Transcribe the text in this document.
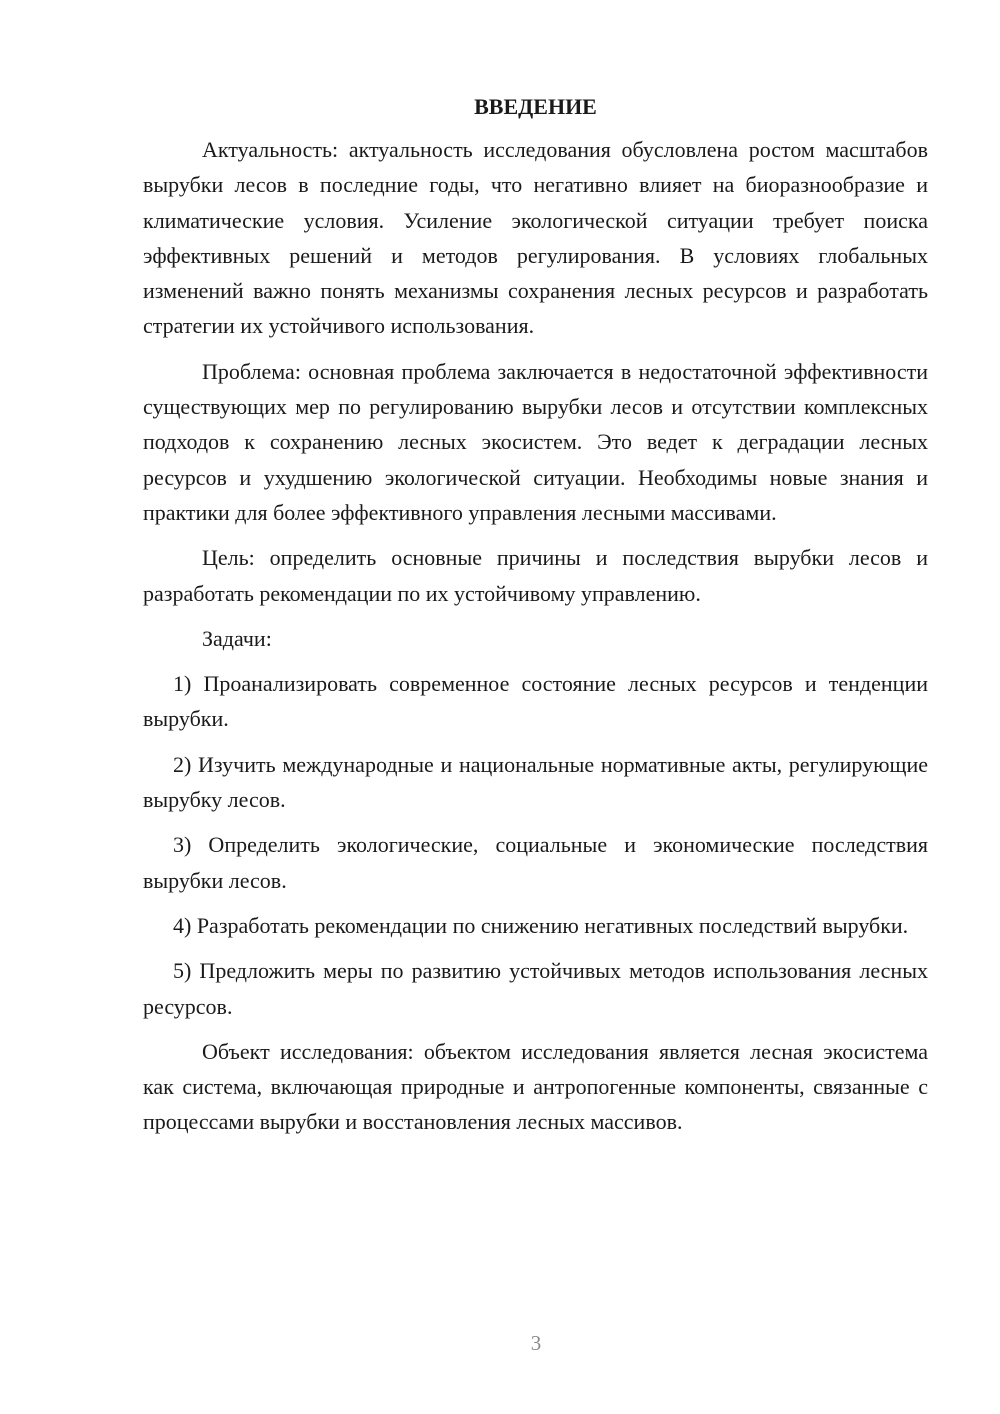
ВВЕДЕНИЕ

Актуальность: актуальность исследования обусловлена ростом масштабов вырубки лесов в последние годы, что негативно влияет на биоразнообразие и климатические условия. Усиление экологической ситуации требует поиска эффективных решений и методов регулирования. В условиях глобальных изменений важно понять механизмы сохранения лесных ресурсов и разработать стратегии их устойчивого использования.

Проблема: основная проблема заключается в недостаточной эффективности существующих мер по регулированию вырубки лесов и отсутствии комплексных подходов к сохранению лесных экосистем. Это ведет к деградации лесных ресурсов и ухудшению экологической ситуации. Необходимы новые знания и практики для более эффективного управления лесными массивами.

Цель: определить основные причины и последствия вырубки лесов и разработать рекомендации по их устойчивому управлению.

Задачи:

1) Проанализировать современное состояние лесных ресурсов и тенденции вырубки.

2) Изучить международные и национальные нормативные акты, регулирующие вырубку лесов.

3) Определить экологические, социальные и экономические последствия вырубки лесов.

4) Разработать рекомендации по снижению негативных последствий вырубки.

5) Предложить меры по развитию устойчивых методов использования лесных ресурсов.

Объект исследования: объектом исследования является лесная экосистема как система, включающая природные и антропогенные компоненты, связанные с процессами вырубки и восстановления лесных массивов.

3
